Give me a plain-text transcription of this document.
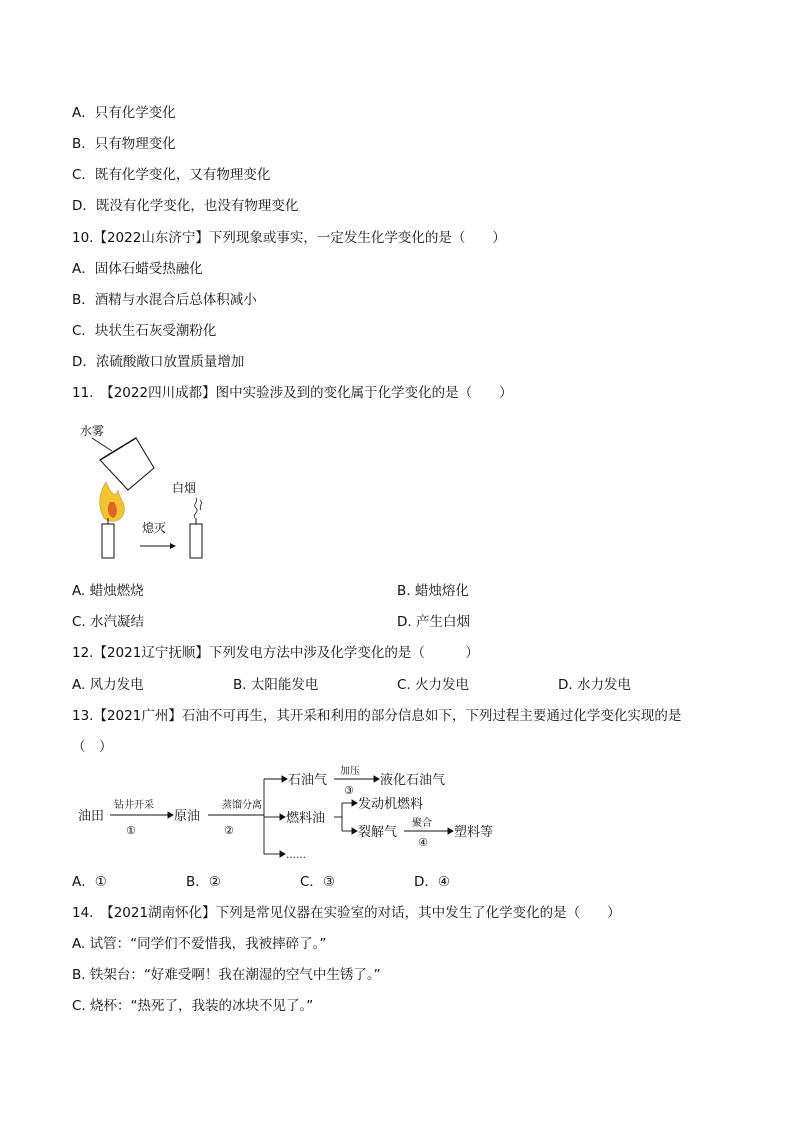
A．只有化学变化
B．只有物理变化
C．既有化学变化，又有物理变化
D．既没有化学变化，也没有物理变化
10.【2022山东济宁】下列现象或事实，一定发生化学变化的是（　　）
A．固体石蜡受热融化
B．酒精与水混合后总体积减小
C．块状生石灰受潮粉化
D．浓硫酸敞口放置质量增加
11.　【2022四川成都】图中实验涉及到的变化属于化学变化的是（　　）
水雾
熄灭
白烟
A. 蜡烛燃烧	B. 蜡烛熔化
C. 水汽凝结	D. 产生白烟
12.【2021辽宁抚顺】下列发电方法中涉及化学变化的是（　　　）
A. 风力发电	B. 太阳能发电	C. 火力发电	D. 水力发电
13.【2021广州】石油不可再生，其开采和利用的部分信息如下，下列过程主要通过化学变化实现的是
（　）
油田
钻井开采
①
原油
蒸馏分离
②
石油气
加压
③
液化石油气
燃料油
发动机燃料
裂解气
聚合
④
塑料等
……
A．①	B．②	C．③	D．④
14.　【2021湖南怀化】下列是常见仪器在实验室的对话，其中发生了化学变化的是（　　）
A. 试管：“同学们不爱惜我，我被摔碎了。”
B. 铁架台：“好难受啊！我在潮湿的空气中生锈了。”
C. 烧杯：“热死了，我装的冰块不见了。”
